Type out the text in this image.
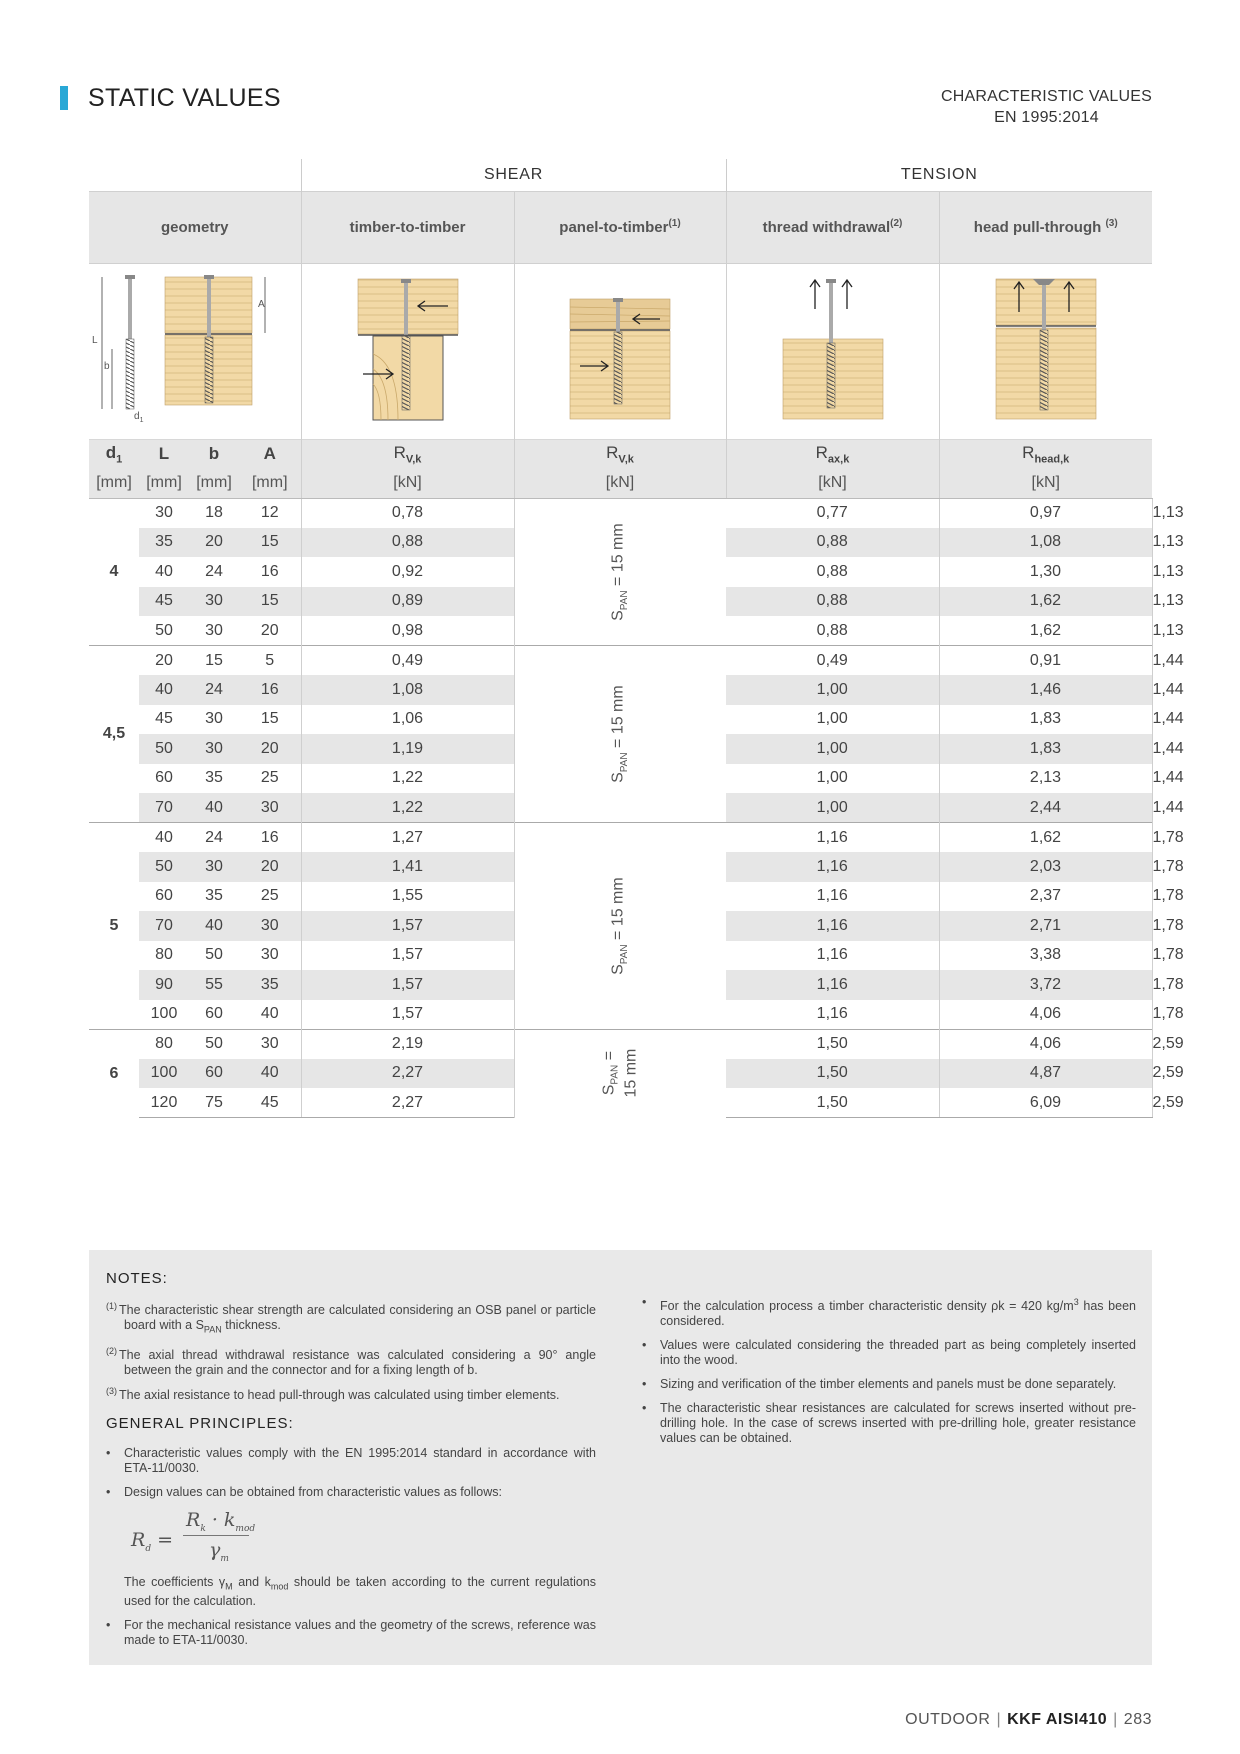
STATIC VALUES	CHARACTERISTIC VALUES
EN 1995:2014
				SHEAR		TENSION		
geometry				timber-to-timber	panel-to-timber$^{(1)}$	thread withdrawal$^{(2)}$	head pull-through $^{(3)}$

L
b
$d_1$
A

$d_1$	L	b	A	$R_{V,k}$	$R_{V,k}$	$R_{ax,k}$	$R_{head,k}$
[mm]	[mm]	[mm]	[mm]	[kN]	[kN]	[kN]	[kN]	
4	30	18	12	0,78	$S_{PAN} = 15$ mm	0,77	0,97	1,13
	35	20	15	0,88		0,88	1,08	1,13
	40	24	16	0,92		0,88	1,30	1,13
	45	30	15	0,89		0,88	1,62	1,13
	50	30	20	0,98		0,88	1,62	1,13
4,5	20	15	5	0,49	$S_{PAN} = 15$ mm	0,49	0,91	1,44
	40	24	16	1,08		1,00	1,46	1,44
	45	30	15	1,06		1,00	1,83	1,44
	50	30	20	1,19		1,00	1,83	1,44
	60	35	25	1,22		1,00	2,13	1,44
	70	40	30	1,22		1,00	2,44	1,44
5	40	24	16	1,27	$S_{PAN} = 15$ mm	1,16	1,62	1,78
	50	30	20	1,41		1,16	2,03	1,78
	60	35	25	1,55		1,16	2,37	1,78
	70	40	30	1,57		1,16	2,71	1,78
	80	50	30	1,57		1,16	3,38	1,78
	90	55	35	1,57		1,16	3,72	1,78
	100	60	40	1,57		1,16	4,06	1,78
6	80	50	30	2,19	$S_{PAN} = 15$ mm	1,50	4,06	2,59
	100	60	40	2,27		1,50	4,87	2,59
	120	75	45	2,27		1,50	6,09	2,59
NOTES:
$^{(1)}$ The characteristic shear strength are calculated considering an OSB panel or particle board with a $S_{PAN}$ thickness.
$^{(2)}$ The axial thread withdrawal resistance was calculated considering a 90° angle between the grain and the connector and for a fixing length of b.
$^{(3)}$ The axial resistance to head pull-through was calculated using timber elements.
GENERAL PRINCIPLES:
• Characteristic values comply with the EN 1995:2014 standard in accordance with ETA-11/0030.
• Design values can be obtained from characteristic values as follows:
$R_d$ =
$R_k \cdot k_{mod}$
$\gamma_m$
The coefficients $\gamma_M$ and $k_{mod}$ should be taken according to the current regulations used for the calculation.
• For the mechanical resistance values and the geometry of the screws, reference was made to ETA-11/0030.
• For the calculation process a timber characteristic density ρk = 420 $kg/m^3$ has been considered.
• Values were calculated considering the threaded part as being completely inserted into the wood.
• Sizing and verification of the timber elements and panels must be done separately.
• The characteristic shear resistances are calculated for screws inserted without pre-drilling hole. In the case of screws inserted with pre-drilling hole, greater resistance values can be obtained.
OUTDOOR | KKF AISI410 | 283
